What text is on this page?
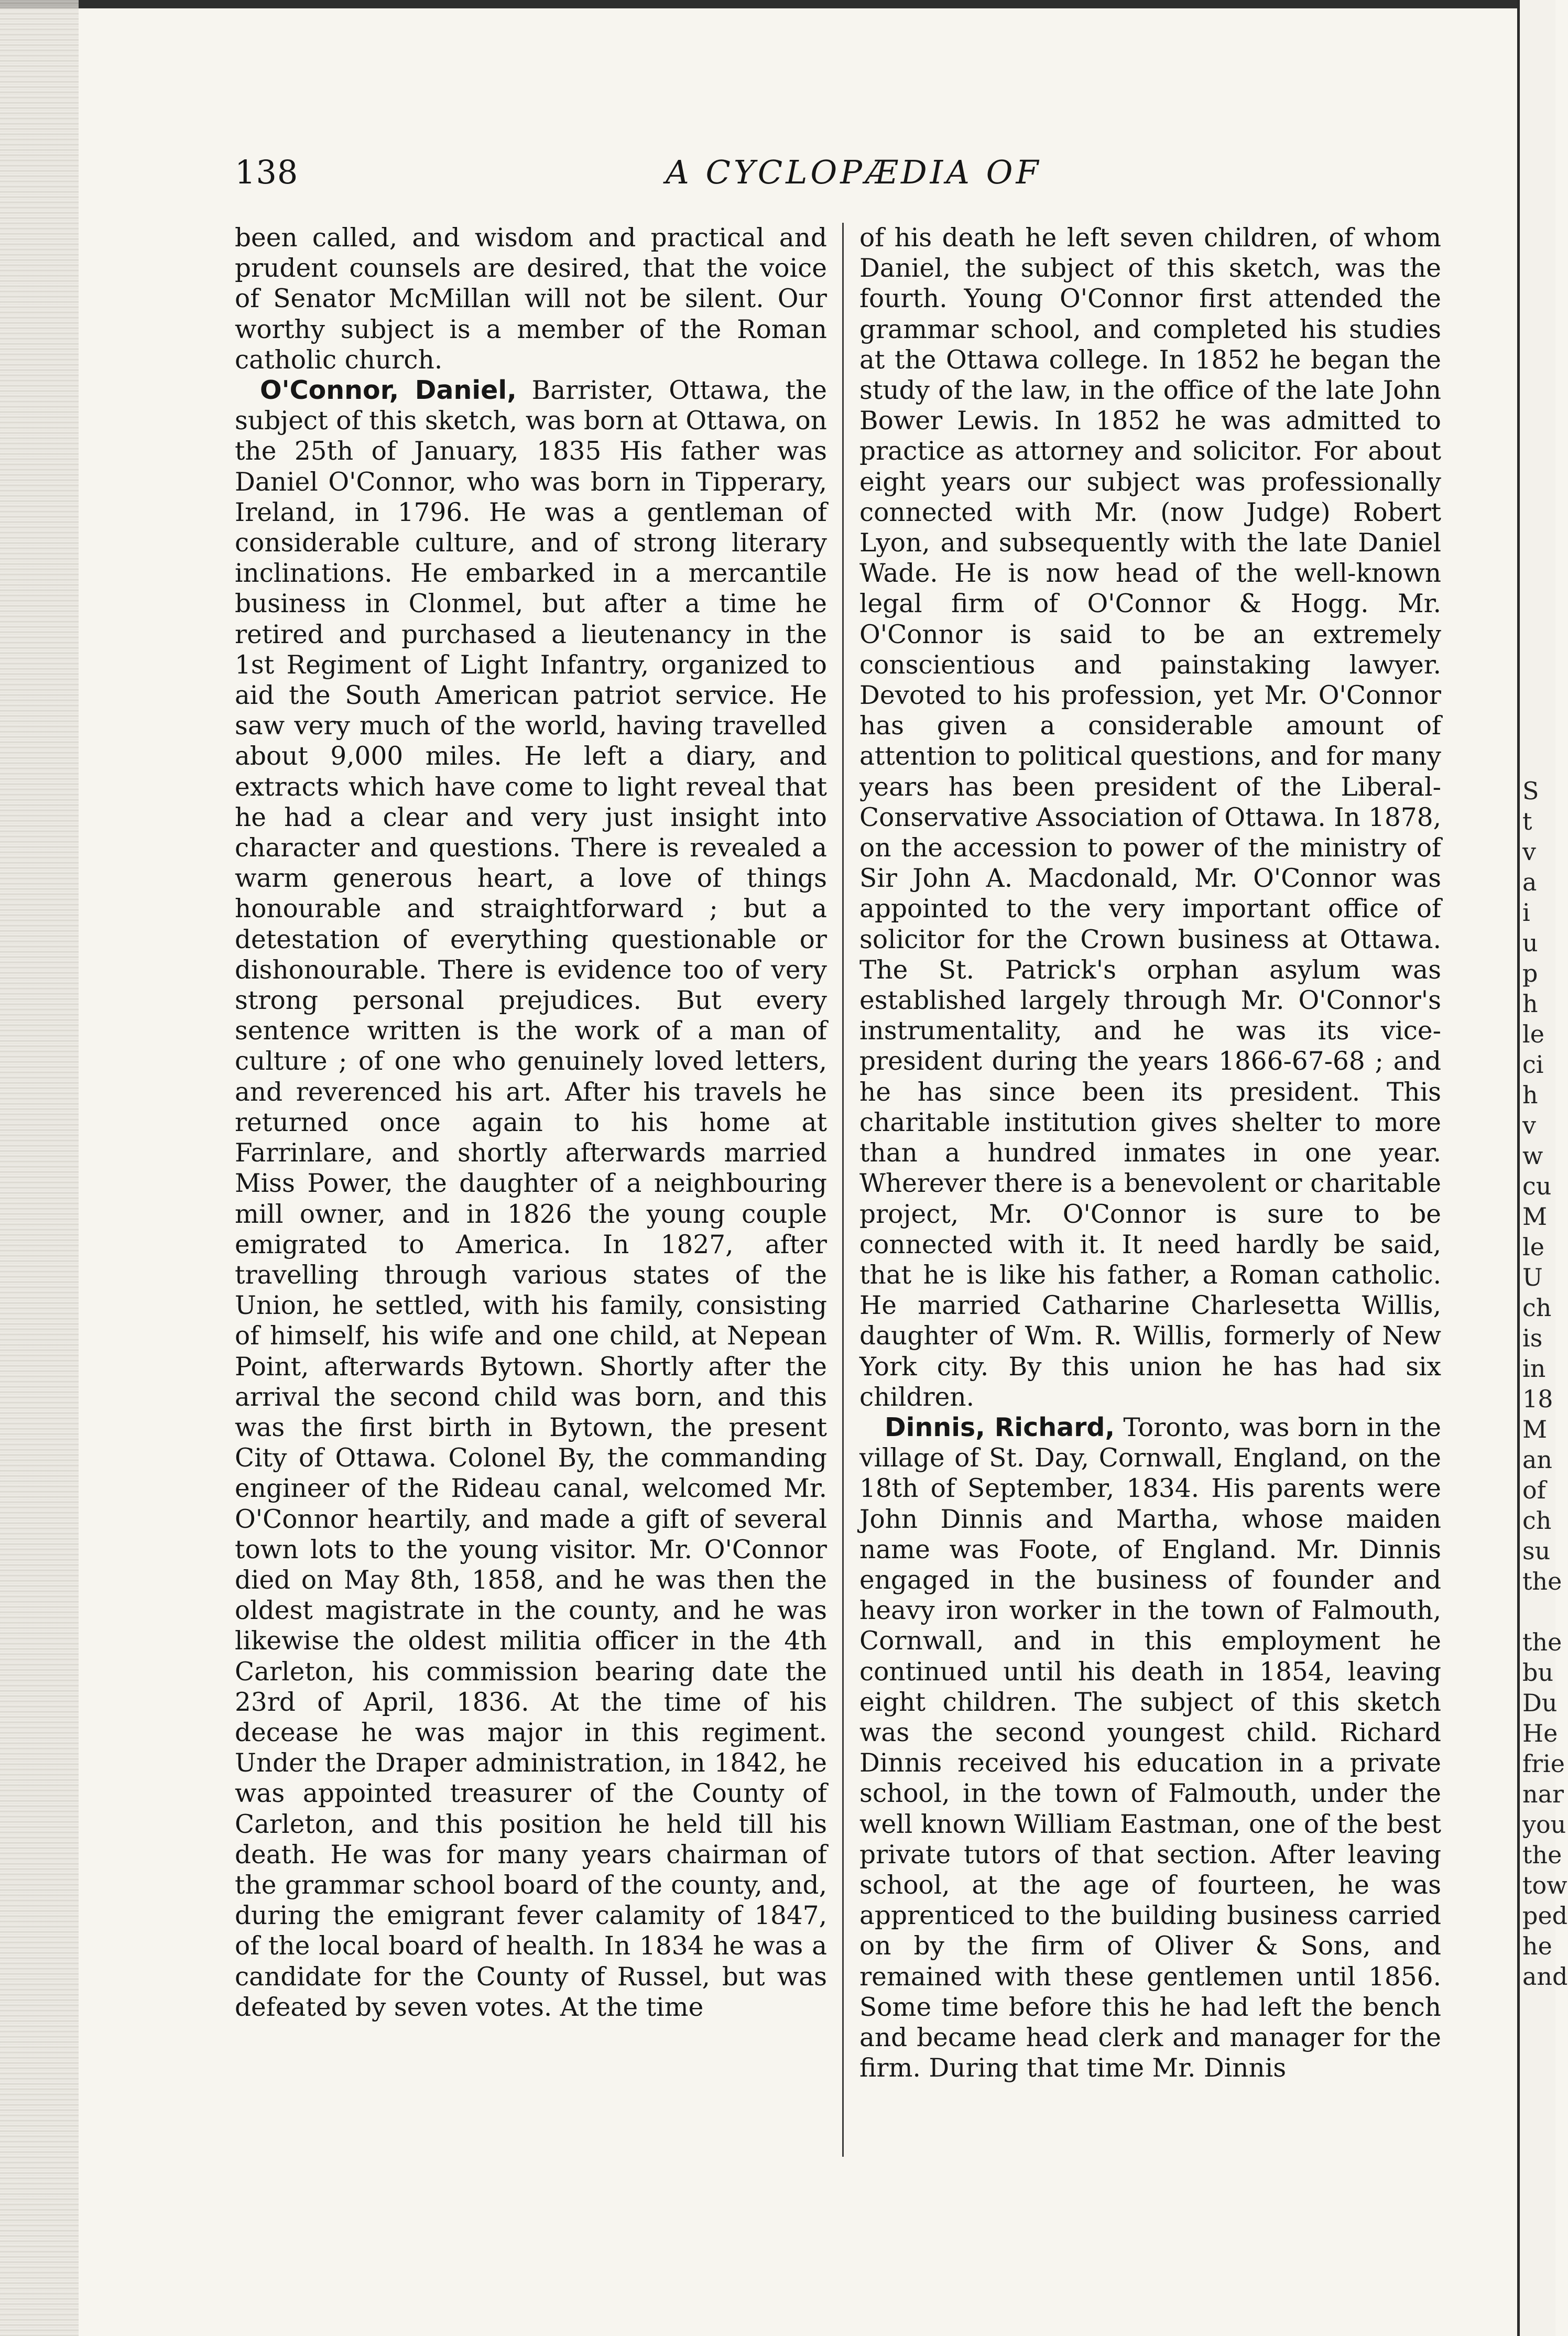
138	A CYCLOPÆDIA OF

been called, and wisdom and practical and prudent counsels are desired, that the voice of Senator McMillan will not be silent. Our worthy subject is a member of the Roman catholic church.

O'Connor, Daniel, Barrister, Ottawa, the subject of this sketch, was born at Ottawa, on the 25th of January, 1835 His father was Daniel O'Connor, who was born in Tipperary, Ireland, in 1796. He was a gentleman of considerable culture, and of strong literary inclinations. He embarked in a mercantile business in Clonmel, but after a time he retired and purchased a lieutenancy in the 1st Regiment of Light Infantry, organized to aid the South American patriot service. He saw very much of the world, having travelled about 9,000 miles. He left a diary, and extracts which have come to light reveal that he had a clear and very just insight into character and questions. There is revealed a warm generous heart, a love of things honourable and straightforward ; but a detestation of everything questionable or dishonourable. There is evidence too of very strong personal prejudices. But every sentence written is the work of a man of culture ; of one who genuinely loved letters, and reverenced his art. After his travels he returned once again to his home at Farrinlare, and shortly afterwards married Miss Power, the daughter of a neighbouring mill owner, and in 1826 the young couple emigrated to America. In 1827, after travelling through various states of the Union, he settled, with his family, consisting of himself, his wife and one child, at Nepean Point, afterwards Bytown. Shortly after the arrival the second child was born, and this was the first birth in Bytown, the present City of Ottawa. Colonel By, the commanding engineer of the Rideau canal, welcomed Mr. O'Connor heartily, and made a gift of several town lots to the young visitor. Mr. O'Connor died on May 8th, 1858, and he was then the oldest magistrate in the county, and he was likewise the oldest militia officer in the 4th Carleton, his commission bearing date the 23rd of April, 1836. At the time of his decease he was major in this regiment. Under the Draper administration, in 1842, he was appointed treasurer of the County of Carleton, and this position he held till his death. He was for many years chairman of the grammar school board of the county, and, during the emigrant fever calamity of 1847, of the local board of health. In 1834 he was a candidate for the County of Russel, but was defeated by seven votes. At the time

of his death he left seven children, of whom Daniel, the subject of this sketch, was the fourth. Young O'Connor first attended the grammar school, and completed his studies at the Ottawa college. In 1852 he began the study of the law, in the office of the late John Bower Lewis. In 1852 he was admitted to practice as attorney and solicitor. For about eight years our subject was professionally connected with Mr. (now Judge) Robert Lyon, and subsequently with the late Daniel Wade. He is now head of the well-known legal firm of O'Connor & Hogg. Mr. O'Connor is said to be an extremely conscientious and painstaking lawyer. Devoted to his profession, yet Mr. O'Connor has given a considerable amount of attention to political questions, and for many years has been president of the Liberal-Conservative Association of Ottawa. In 1878, on the accession to power of the ministry of Sir John A. Macdonald, Mr. O'Connor was appointed to the very important office of solicitor for the Crown business at Ottawa. The St. Patrick's orphan asylum was established largely through Mr. O'Connor's instrumentality, and he was its vice-president during the years 1866-67-68 ; and he has since been its president. This charitable institution gives shelter to more than a hundred inmates in one year. Wherever there is a benevolent or charitable project, Mr. O'Connor is sure to be connected with it. It need hardly be said, that he is like his father, a Roman catholic. He married Catharine Charlesetta Willis, daughter of Wm. R. Willis, formerly of New York city. By this union he has had six children.

Dinnis, Richard, Toronto, was born in the village of St. Day, Cornwall, England, on the 18th of September, 1834. His parents were John Dinnis and Martha, whose maiden name was Foote, of England. Mr. Dinnis engaged in the business of founder and heavy iron worker in the town of Falmouth, Cornwall, and in this employment he continued until his death in 1854, leaving eight children. The subject of this sketch was the second youngest child. Richard Dinnis received his education in a private school, in the town of Falmouth, under the well known William Eastman, one of the best private tutors of that section. After leaving school, at the age of fourteen, he was apprenticed to the building business carried on by the firm of Oliver & Sons, and remained with these gentlemen until 1856. Some time before this he had left the bench and became head clerk and manager for the firm. During that time Mr. Dinnis

S
t
v
a
i
u
p
h
le
ci
h
v
w
cu
M
le
U
ch
is
in
18
M
an
of
ch
su
the

the
bu
Du
He
frie
nar
you
the
tow
ped
he
and
